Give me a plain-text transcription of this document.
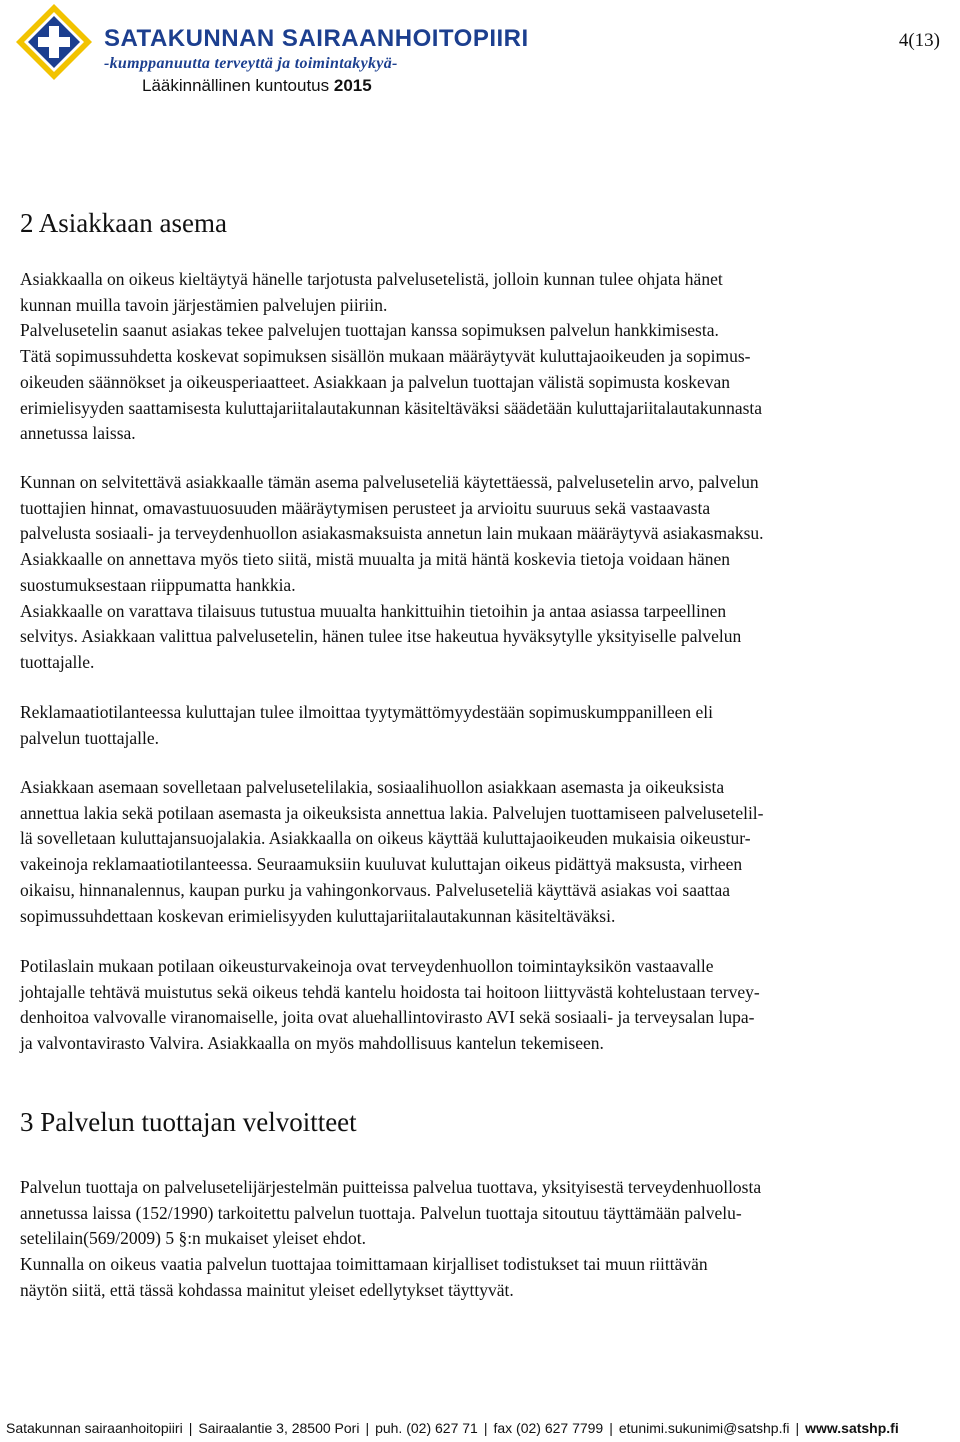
SATAKUNNAN SAIRAANHOITOPIIRI
-kumppanuutta terveyttä ja toimintakykyä-
Lääkinnällinen kuntoutus 2015
4(13)
2 Asiakkaan asema
Asiakkaalla on oikeus kieltäytyä hänelle tarjotusta palvelusetelistä, jolloin kunnan tulee ohjata hänet
kunnan muilla tavoin järjestämien palvelujen piiriin.
Palvelusetelin saanut asiakas tekee palvelujen tuottajan kanssa sopimuksen palvelun hankkimisesta.
Tätä sopimussuhdetta koskevat sopimuksen sisällön mukaan määräytyvät kuluttajaoikeuden ja sopimus-
oikeuden säännökset ja oikeusperiaatteet. Asiakkaan ja palvelun tuottajan välistä sopimusta koskevan
erimielisyyden saattamisesta kuluttajariitalautakunnan käsiteltäväksi säädetään kuluttajariitalautakunnasta
annetussa laissa.
Kunnan on selvitettävä asiakkaalle tämän asema palveluseteliä käytettäessä, palvelusetelin arvo, palvelun
tuottajien hinnat, omavastuuosuuden määräytymisen perusteet ja arvioitu suuruus sekä vastaavasta
palvelusta sosiaali- ja terveydenhuollon asiakasmaksuista annetun lain mukaan määräytyvä asiakasmaksu.
Asiakkaalle on annettava myös tieto siitä, mistä muualta ja mitä häntä koskevia tietoja voidaan hänen
suostumuksestaan riippumatta hankkia.
Asiakkaalle on varattava tilaisuus tutustua muualta hankittuihin tietoihin ja antaa asiassa tarpeellinen
selvitys. Asiakkaan valittua palvelusetelin, hänen tulee itse hakeutua hyväksytylle yksityiselle palvelun
tuottajalle.
Reklamaatiotilanteessa kuluttajan tulee ilmoittaa tyytymättömyydestään sopimuskumppanilleen eli
palvelun tuottajalle.
Asiakkaan asemaan sovelletaan palvelusetelilakia, sosiaalihuollon asiakkaan asemasta ja oikeuksista
annettua lakia sekä potilaan asemasta ja oikeuksista annettua lakia. Palvelujen tuottamiseen palvelusetelil-
lä sovelletaan kuluttajansuojalakia. Asiakkaalla on oikeus käyttää kuluttajaoikeuden mukaisia oikeustur-
vakeinoja reklamaatiotilanteessa. Seuraamuksiin kuuluvat kuluttajan oikeus pidättyä maksusta, virheen
oikaisu, hinnanalennus, kaupan purku ja vahingonkorvaus. Palveluseteliä käyttävä asiakas voi saattaa
sopimussuhdettaan koskevan erimielisyyden kuluttajariitalautakunnan käsiteltäväksi.
Potilaslain mukaan potilaan oikeusturvakeinoja ovat terveydenhuollon toimintayksikön vastaavalle
johtajalle tehtävä muistutus sekä oikeus tehdä kantelu hoidosta tai hoitoon liittyvästä kohtelustaan tervey-
denhoitoa valvovalle viranomaiselle, joita ovat aluehallintovirasto AVI sekä sosiaali- ja terveysalan lupa-
ja valvontavirasto Valvira. Asiakkaalla on myös mahdollisuus kantelun tekemiseen.
3 Palvelun tuottajan velvoitteet
Palvelun tuottaja on palvelusetelijärjestelmän puitteissa palvelua tuottava, yksityisestä terveydenhuollosta
annetussa laissa (152/1990) tarkoitettu palvelun tuottaja. Palvelun tuottaja sitoutuu täyttämään palvelu-
setelilain(569/2009) 5 §:n mukaiset yleiset ehdot.
Kunnalla on oikeus vaatia palvelun tuottajaa toimittamaan kirjalliset todistukset tai muun riittävän
näytön siitä, että tässä kohdassa mainitut yleiset edellytykset täyttyvät.
Satakunnan sairaanhoitopiiri | Sairaalantie 3, 28500 Pori | puh. (02) 627 71 | fax (02) 627 7799 | etunimi.sukunimi@satshp.fi | www.satshp.fi
